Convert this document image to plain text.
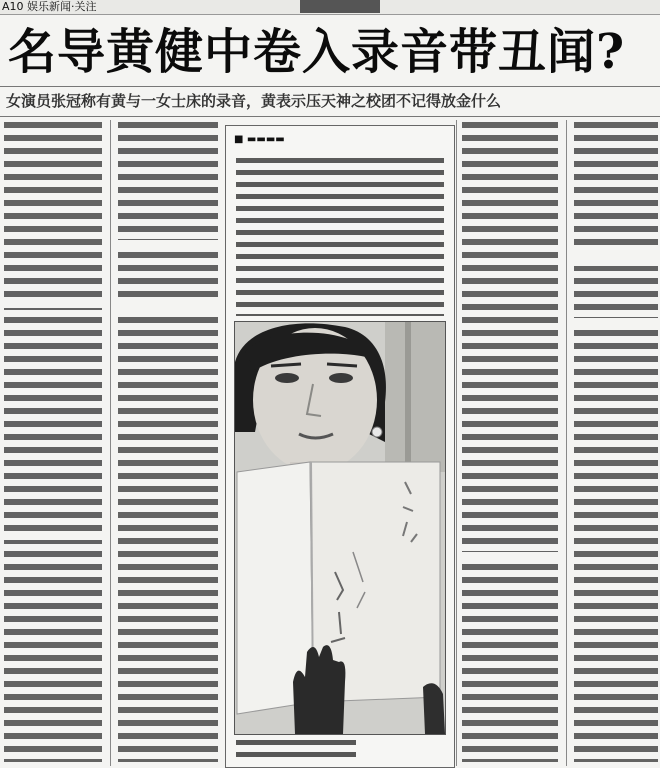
A10 娱乐新闻·关注
名导黄健中卷入录音带丑闻?
女演员张冠称有黄与一女士床的录音，黄表示压天神之校团不记得放金什么
■ ▬▬▬▬
